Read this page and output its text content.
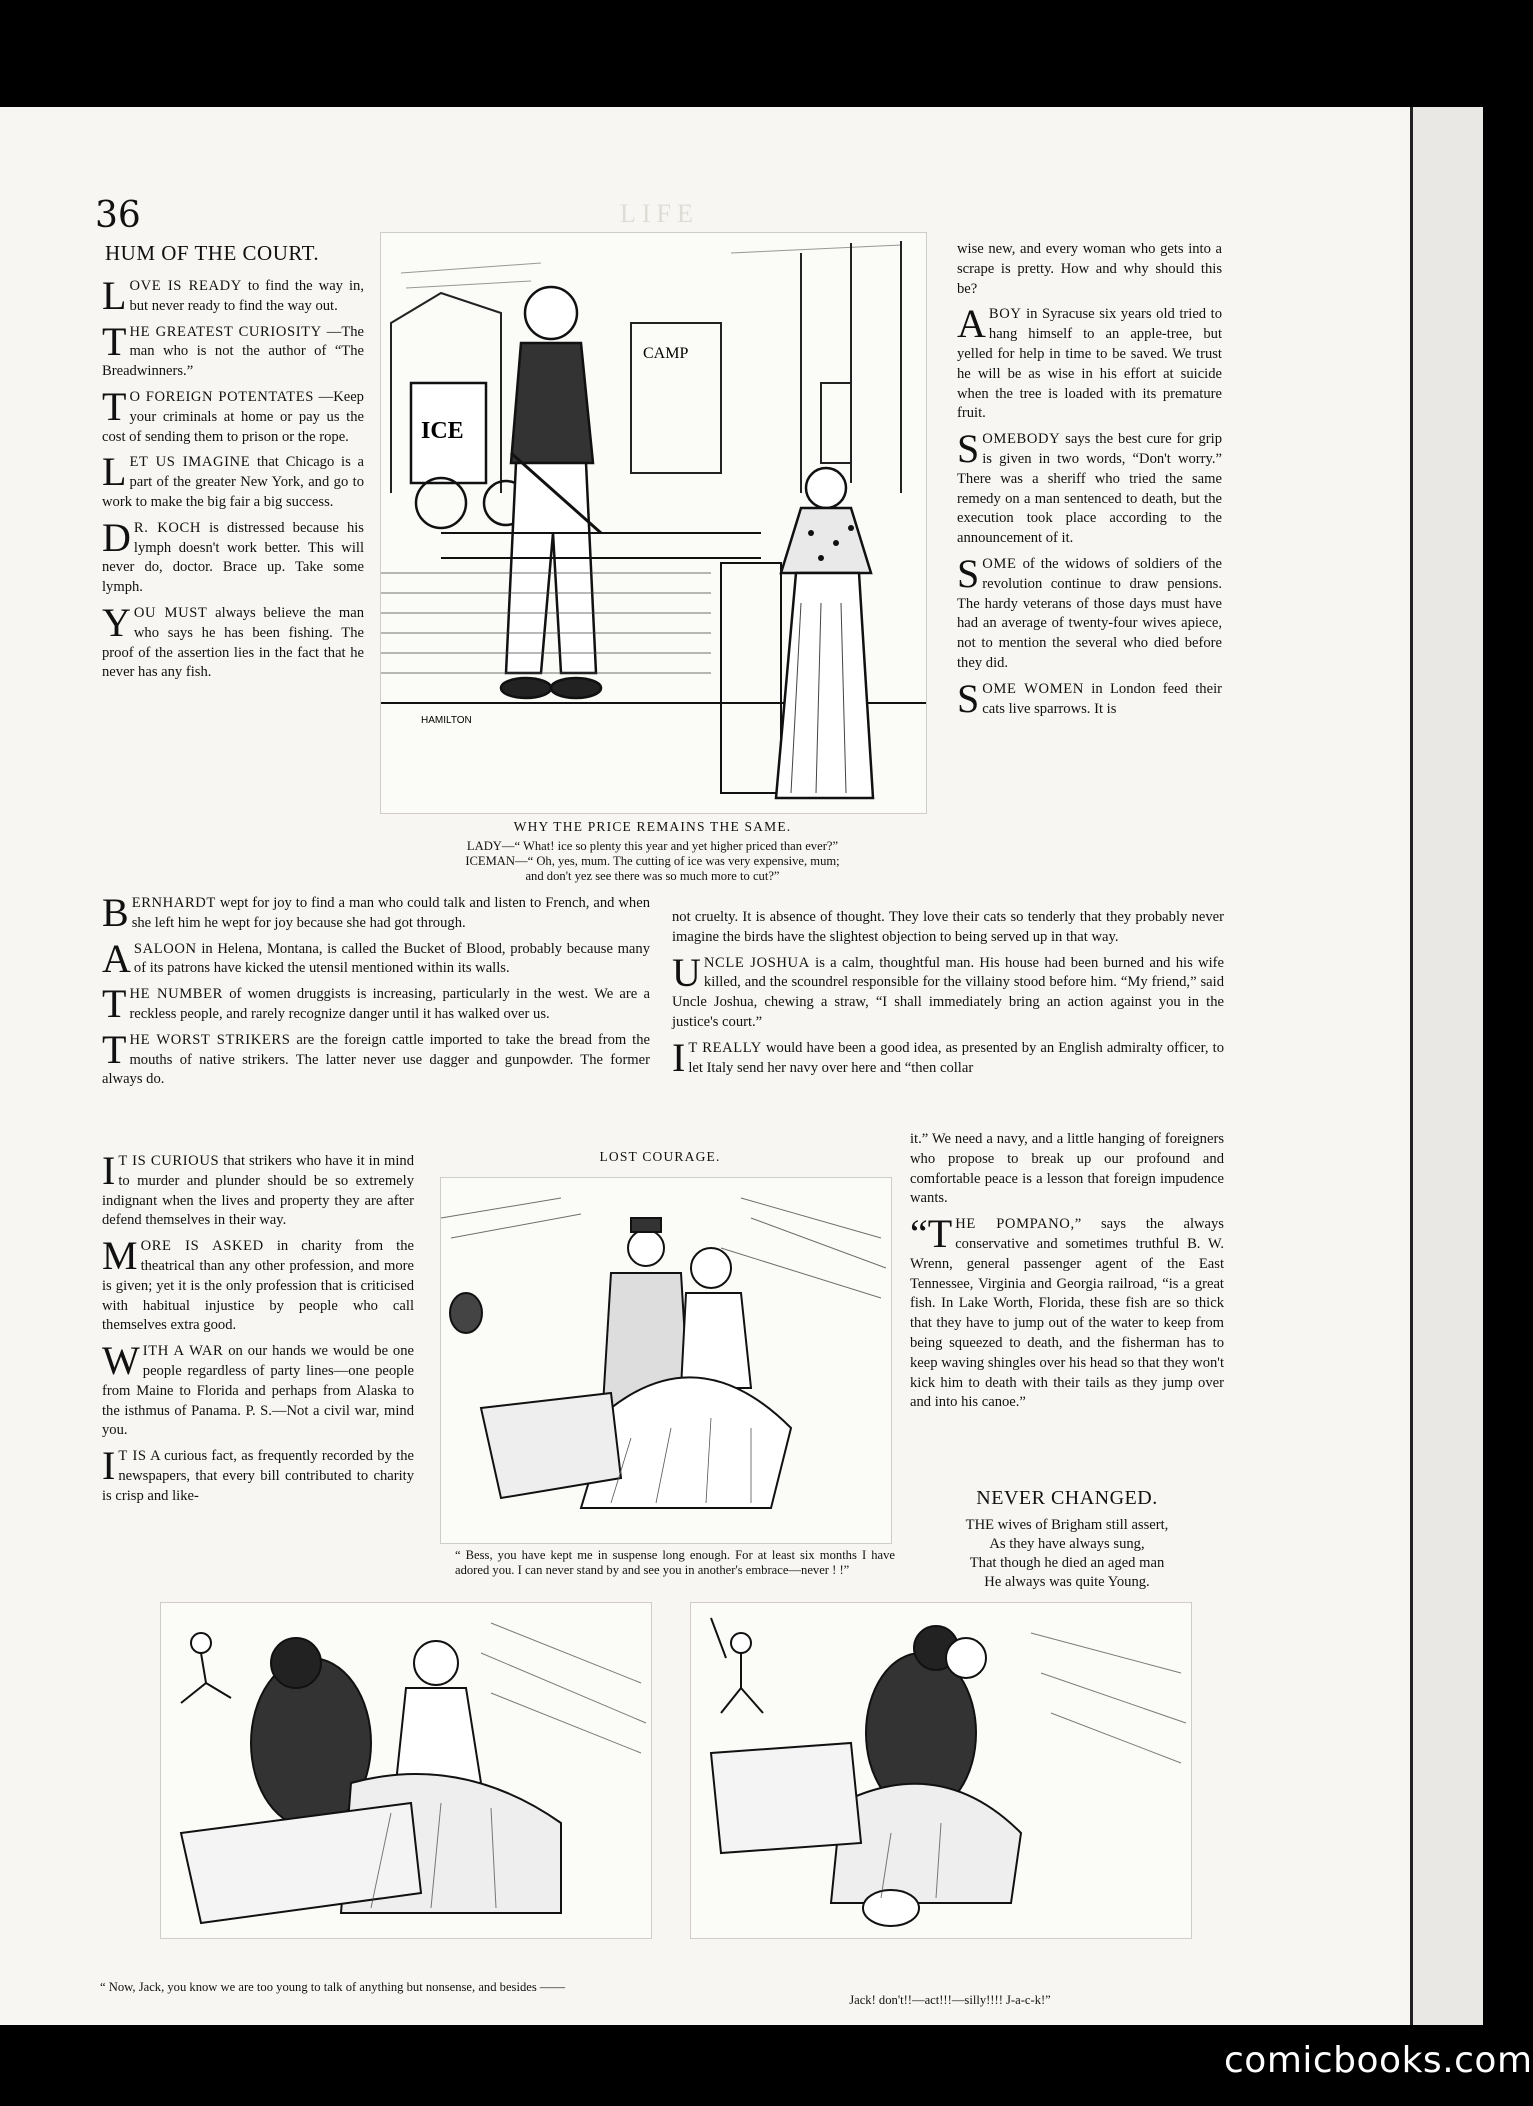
36	LIFE
HUM OF THE COURT.

LOVE IS READY to find the way in, but never ready to find the way out.

THE GREATEST CURIOSITY —The man who is not the author of “The Breadwinners.”

T O FOREIGN POTENTATES —Keep your criminals at home or pay us the cost of sending them to prison or the rope.

LET US IMAGINE that Chicago is a part of the greater New York, and go to work to make the big fair a big success.

D R. KOCH is distressed because his lymph doesn't work better. This will never do, doctor. Brace up. Take some lymph.

YOU MUST always believe the man who says he has been fishing. The proof of the assertion lies in the fact that he never has any fish.

CAMP
ICE
HAMILTON
WHY THE PRICE REMAINS THE SAME.
LADY—“ What! ice so plenty this year and yet higher priced than ever?”
ICEMAN—“ Oh, yes, mum. The cutting of ice was very expensive, mum;
and don't yez see there was so much more to cut?”

wise new, and every woman who gets into a scrape is pretty. How and why should this be?

A BOY in Syracuse six years old tried to hang himself to an apple-tree, but yelled for help in time to be saved. We trust he will be as wise in his effort at suicide when the tree is loaded with its premature fruit.

SOMEBODY says the best cure for grip is given in two words, “Don't worry.” There was a sheriff who tried the same remedy on a man sentenced to death, but the execution took place according to the announcement of it.

SOME of the widows of soldiers of the revolution continue to draw pensions. The hardy veterans of those days must have had an average of twenty-four wives apiece, not to mention the several who died before they did.

SOME WOMEN in London feed their cats live sparrows. It is

BERNHARDT wept for joy to find a man who could talk and listen to French, and when she left him he wept for joy because she had got through.

A SALOON in Helena, Montana, is called the Bucket of Blood, probably because many of its patrons have kicked the utensil mentioned within its walls.

THE NUMBER of women druggists is increasing, particularly in the west. We are a reckless people, and rarely recognize danger until it has walked over us.

THE WORST STRIKERS are the foreign cattle imported to take the bread from the mouths of native strikers. The latter never use dagger and gunpowder. The former always do.

not cruelty. It is absence of thought. They love their cats so tenderly that they probably never imagine the birds have the slightest objection to being served up in that way.

UNCLE JOSHUA is a calm, thoughtful man. His house had been burned and his wife killed, and the scoundrel responsible for the villainy stood before him. “My friend,” said Uncle Joshua, chewing a straw, “I shall immediately bring an action against you in the justice's court.”

I T REALLY would have been a good idea, as presented by an English admiralty officer, to let Italy send her navy over here and “then collar

I T IS CURIOUS that strikers who have it in mind to murder and plunder should be so extremely indignant when the lives and property they are after defend themselves in their way.

MORE IS ASKED in charity from the theatrical than any other profession, and more is given; yet it is the only profession that is criticised with habitual injustice by people who call themselves extra good.

WITH A WAR on our hands we would be one people regardless of party lines—one people from Maine to Florida and perhaps from Alaska to the isthmus of Panama. P. S.—Not a civil war, mind you.

I T IS A curious fact, as frequently recorded by the newspapers, that every bill contributed to charity is crisp and like-

LOST COURAGE.
“ Bess, you have kept me in suspense long enough. For at least six months I have adored you. I can never stand by and see you in another's embrace—never ! !”

it.” We need a navy, and a little hanging of foreigners who propose to break up our profound and comfortable peace is a lesson that foreign impudence wants.

“THE POMPANO,” says the always conservative and sometimes truthful B. W. Wrenn, general passenger agent of the East Tennessee, Virginia and Georgia railroad, “is a great fish. In Lake Worth, Florida, these fish are so thick that they have to jump out of the water to keep from being squeezed to death, and the fisherman has to keep waving shingles over his head so that they won't kick him to death with their tails as they jump over and into his canoe.”

NEVER CHANGED.
THE wives of Brigham still assert,
As they have always sung,
That though he died an aged man
He always was quite Young.
“ Now, Jack, you know we are too young to talk of anything but nonsense, and besides ——
Jack! don't!!—act!!!—silly!!!! J-a-c-k!”
comicbooks.com
